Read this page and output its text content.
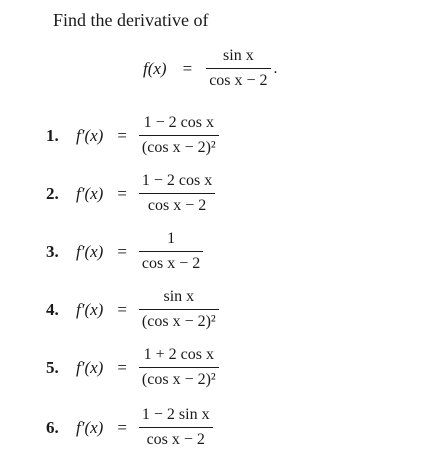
Find the derivative of
$f(x) = \frac{\text{sin x}}{\text{cos x − 2}}$ .
1.	$f'(x) = \frac{\text{1 − 2 cos x}}{\text{(cos x − 2)²}}$
2.	$f'(x) = \frac{\text{1 − 2 cos x}}{\text{cos x − 2}}$
3.	$f'(x) = \frac{1}{\text{cos x − 2}}$
4.	$f'(x) = \frac{\text{sin x}}{\text{(cos x − 2)²}}$
5.	$f'(x) = \frac{\text{1 + 2 cos x}}{\text{(cos x − 2)²}}$
6.	$f'(x) = \frac{\text{1 − 2 sin x}}{\text{cos x − 2}}$
